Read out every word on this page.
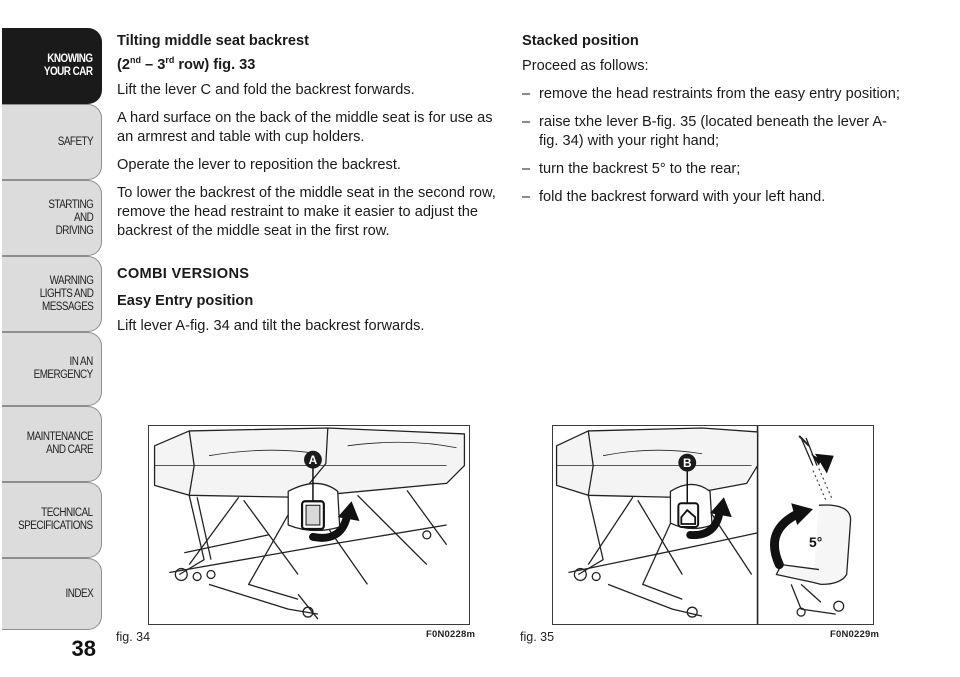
KNOWING
YOUR CAR
SAFETY
STARTING
AND
DRIVING
WARNING
LIGHTS AND
MESSAGES
IN AN
EMERGENCY
MAINTENANCE
AND CARE
TECHNICAL
SPECIFICATIONS
INDEX
38

Tilting middle seat backrest
(2nd – 3rd row) fig. 33

Lift the lever C and fold the backrest forwards.

A hard surface on the back of the middle seat is for use as an armrest and table with cup holders.

Operate the lever to reposition the backrest.

To lower the backrest of the middle seat in the second row, remove the head restraint to make it easier to adjust the backrest of the middle seat in the first row.

COMBI VERSIONS

Easy Entry position

Lift lever A-fig. 34 and tilt the backrest forwards.

Stacked position

Proceed as follows:

– remove the head restraints from the easy entry position;

– raise txhe lever B-fig. 35 (located beneath the lever A-fig. 34) with your right hand;

– turn the backrest 5° to the rear;

– fold the backrest forward with your left hand.

A
fig. 34	F0N0228m
B
5°
fig. 35	F0N0229m
